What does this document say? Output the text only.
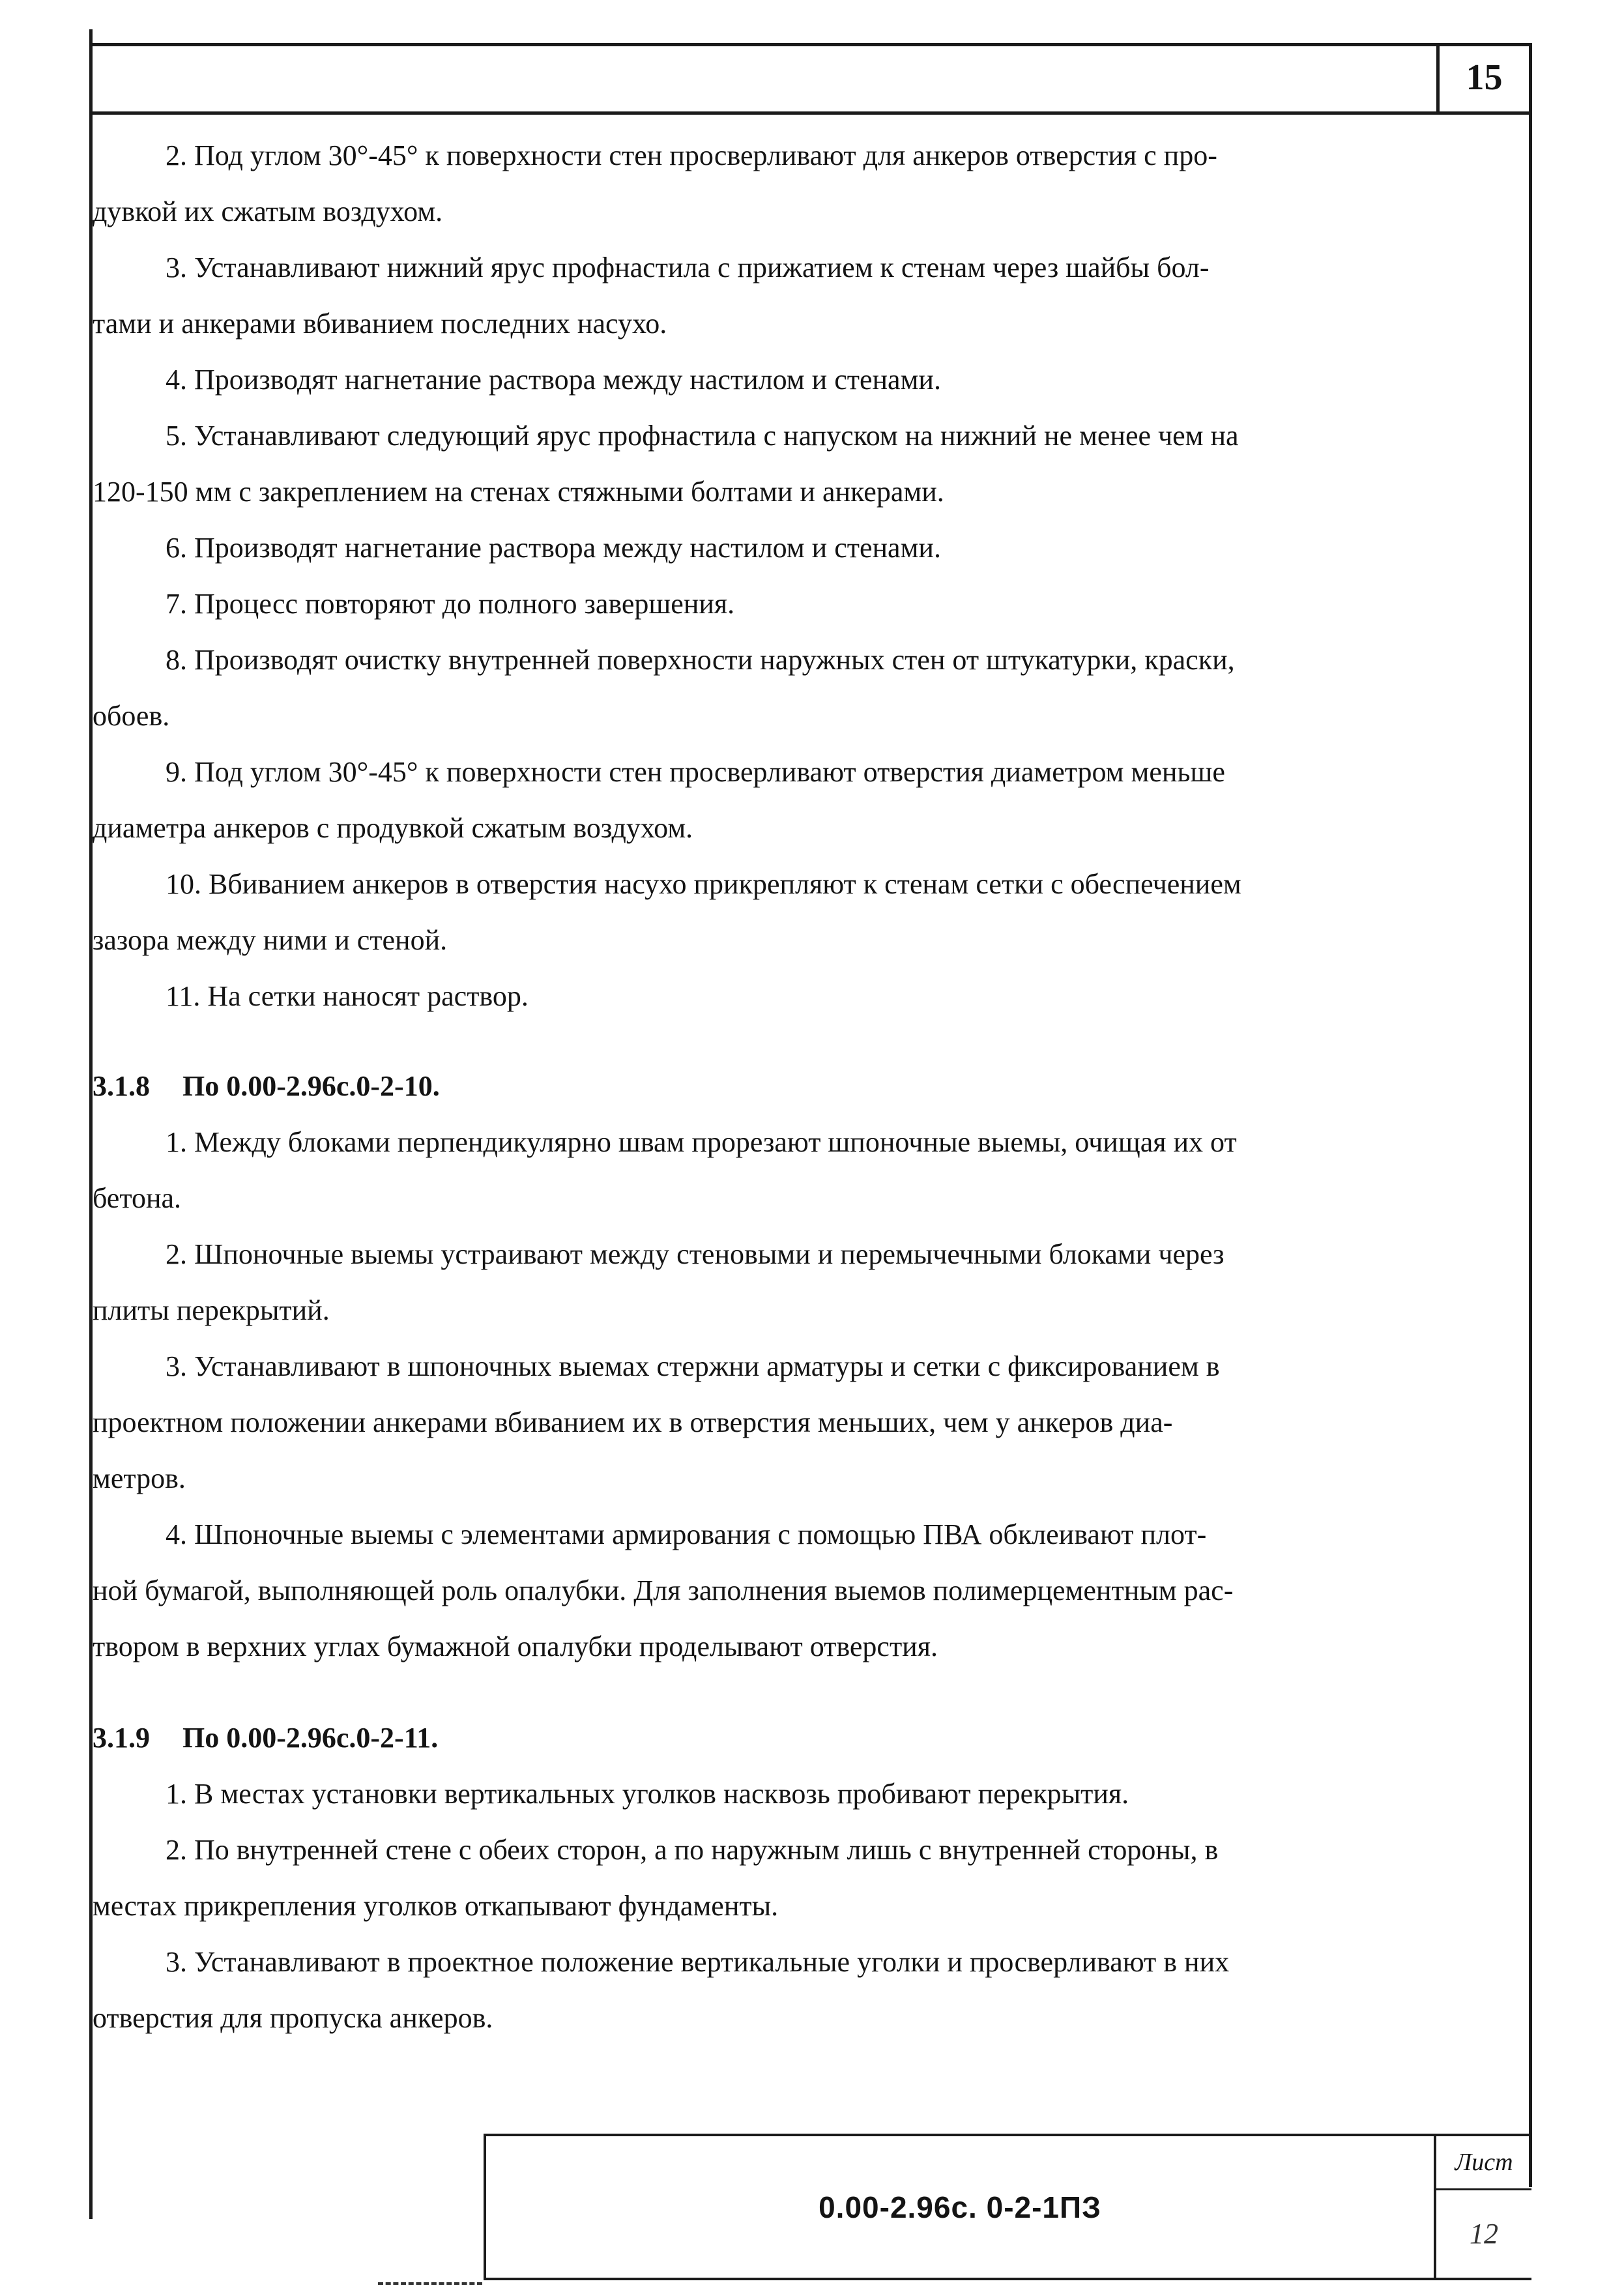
15

2. Под углом 30°-45° к поверхности стен просверливают для анкеров отверстия с про-
дувкой их сжатым воздухом.

3. Устанавливают нижний ярус профнастила с прижатием к стенам через шайбы бол-
тами и анкерами вбиванием последних насухо.

4. Производят нагнетание раствора между настилом и стенами.

5. Устанавливают следующий ярус профнастила с напуском на нижний не менее чем на
120-150 мм с закреплением на стенах стяжными болтами и анкерами.

6. Производят нагнетание раствора между настилом и стенами.

7. Процесс повторяют до полного завершения.

8. Производят очистку внутренней поверхности наружных стен от штукатурки, краски,
обоев.

9. Под углом 30°-45° к поверхности стен просверливают отверстия диаметром меньше
диаметра анкеров с продувкой сжатым воздухом.

10. Вбиванием анкеров в отверстия насухо прикрепляют к стенам сетки с обеспечением
зазора между ними и стеной.

11. На сетки наносят раствор.

3.1.8 По 0.00-2.96с.0-2-10.

1. Между блоками перпендикулярно швам прорезают шпоночные выемы, очищая их от
бетона.

2. Шпоночные выемы устраивают между стеновыми и перемычечными блоками через
плиты перекрытий.

3. Устанавливают в шпоночных выемах стержни арматуры и сетки с фиксированием в
проектном положении анкерами вбиванием их в отверстия меньших, чем у анкеров диа-
метров.

4. Шпоночные выемы с элементами армирования с помощью ПВА обклеивают плот-
ной бумагой, выполняющей роль опалубки. Для заполнения выемов полимерцементным рас-
твором в верхних углах бумажной опалубки проделывают отверстия.

3.1.9 По 0.00-2.96с.0-2-11.

1. В местах установки вертикальных уголков насквозь пробивают перекрытия.

2. По внутренней стене с обеих сторон, а по наружным лишь с внутренней стороны, в
местах прикрепления уголков откапывают фундаменты.

3. Устанавливают в проектное положение вертикальные уголки и просверливают в них
отверстия для пропуска анкеров.

0.00-2.96с. 0-2-1ПЗ
Лист
12
